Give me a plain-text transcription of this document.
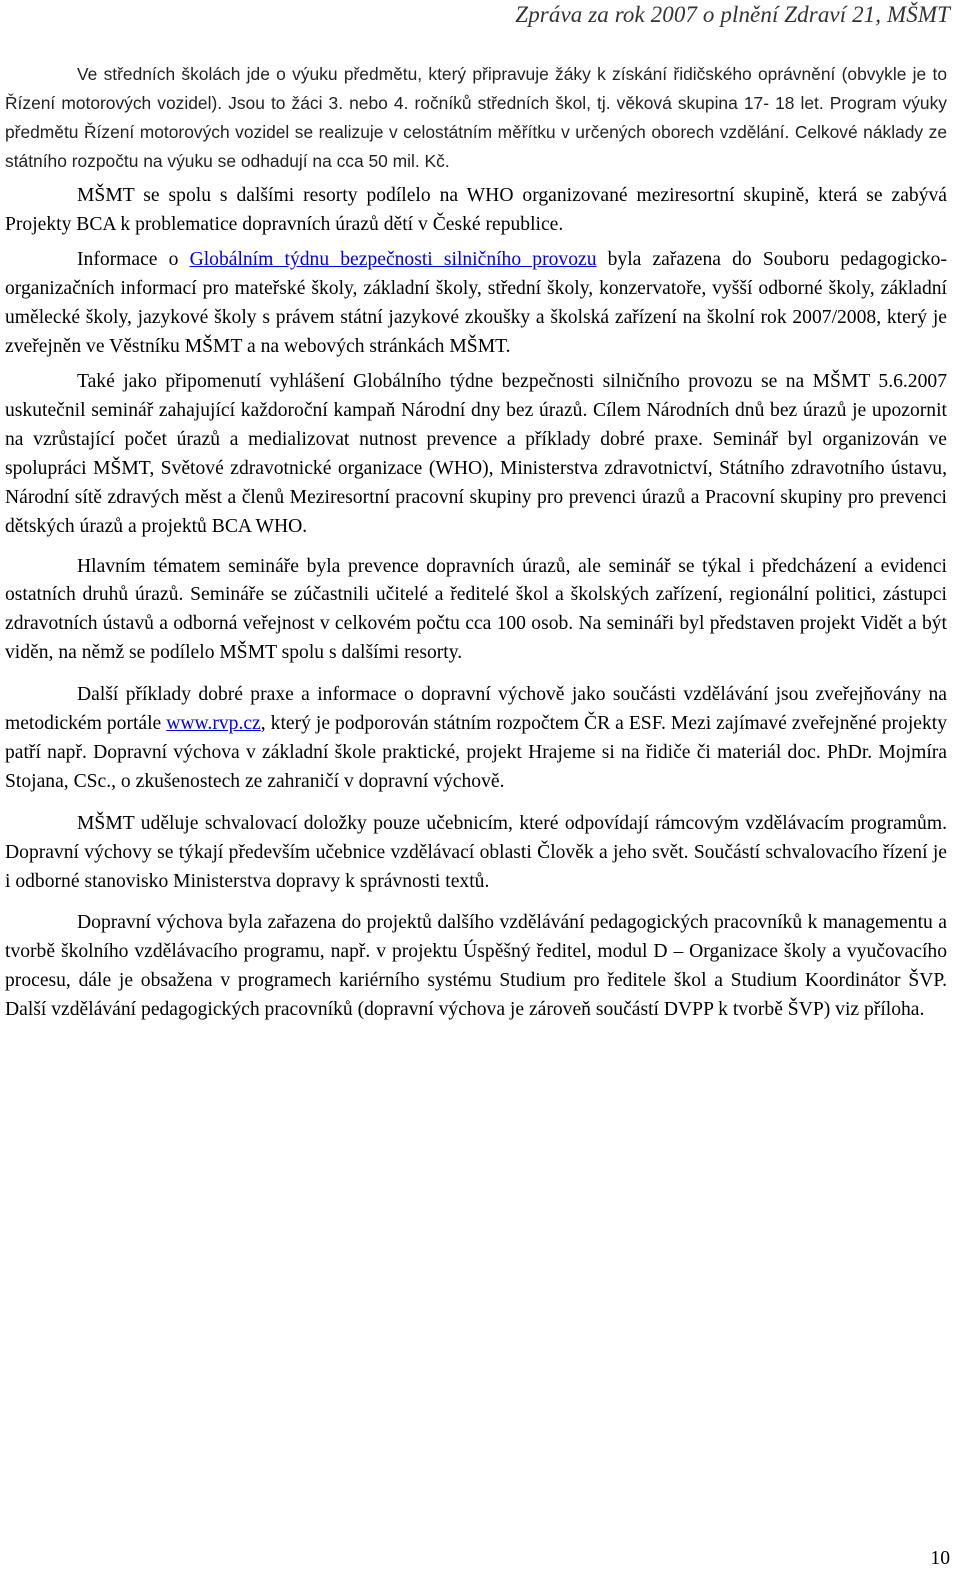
Zpráva za rok 2007 o plnění Zdraví 21, MŠMT

Ve středních školách jde o výuku předmětu, který připravuje žáky k získání řidičského oprávnění (obvykle je to Řízení motorových vozidel). Jsou to žáci 3. nebo 4. ročníků středních škol, tj. věková skupina 17- 18 let. Program výuky předmětu Řízení motorových vozidel se realizuje v celostátním měřítku v určených oborech vzdělání. Celkové náklady ze státního rozpočtu na výuku se odhadují na cca 50 mil. Kč.

MŠMT se spolu s dalšími resorty podílelo na WHO organizované meziresortní skupině, která se zabývá Projekty BCA k problematice dopravních úrazů dětí v České republice.

Informace o Globálním týdnu bezpečnosti silničního provozu byla zařazena do Souboru pedagogicko-organizačních informací pro mateřské školy, základní školy, střední školy, konzervatoře, vyšší odborné školy, základní umělecké školy, jazykové školy s právem státní jazykové zkoušky a školská zařízení na školní rok 2007/2008, který je zveřejněn ve Věstníku MŠMT a na webových stránkách MŠMT.

Také jako připomenutí vyhlášení Globálního týdne bezpečnosti silničního provozu se na MŠMT 5.6.2007 uskutečnil seminář zahajující každoroční kampaň Národní dny bez úrazů. Cílem Národních dnů bez úrazů je upozornit na vzrůstající počet úrazů a medializovat nutnost prevence a příklady dobré praxe. Seminář byl organizován ve spolupráci MŠMT, Světové zdravotnické organizace (WHO), Ministerstva zdravotnictví, Státního zdravotního ústavu, Národní sítě zdravých měst a členů Meziresortní pracovní skupiny pro prevenci úrazů a Pracovní skupiny pro prevenci dětských úrazů a projektů BCA WHO.

Hlavním tématem semináře byla prevence dopravních úrazů, ale seminář se týkal i předcházení a evidenci ostatních druhů úrazů. Semináře se zúčastnili učitelé a ředitelé škol a školských zařízení, regionální politici, zástupci zdravotních ústavů a odborná veřejnost v celkovém počtu cca 100 osob. Na semináři byl představen projekt Vidět a být viděn, na němž se podílelo MŠMT spolu s dalšími resorty.

Další příklady dobré praxe a informace o dopravní výchově jako součásti vzdělávání jsou zveřejňovány na metodickém portále www.rvp.cz, který je podporován státním rozpočtem ČR a ESF. Mezi zajímavé zveřejněné projekty patří např. Dopravní výchova v základní škole praktické, projekt Hrajeme si na řidiče či materiál doc. PhDr. Mojmíra Stojana, CSc., o zkušenostech ze zahraničí v dopravní výchově.

MŠMT uděluje schvalovací doložky pouze učebnicím, které odpovídají rámcovým vzdělávacím programům. Dopravní výchovy se týkají především učebnice vzdělávací oblasti Člověk a jeho svět. Součástí schvalovacího řízení je i odborné stanovisko Ministerstva dopravy k správnosti textů.

Dopravní výchova byla zařazena do projektů dalšího vzdělávání pedagogických pracovníků k managementu a tvorbě školního vzdělávacího programu, např. v projektu Úspěšný ředitel, modul D – Organizace školy a vyučovacího procesu, dále je obsažena v programech kariérního systému Studium pro ředitele škol a Studium Koordinátor ŠVP. Další vzdělávání pedagogických pracovníků (dopravní výchova je zároveň součástí DVPP k tvorbě ŠVP) viz příloha.

10
